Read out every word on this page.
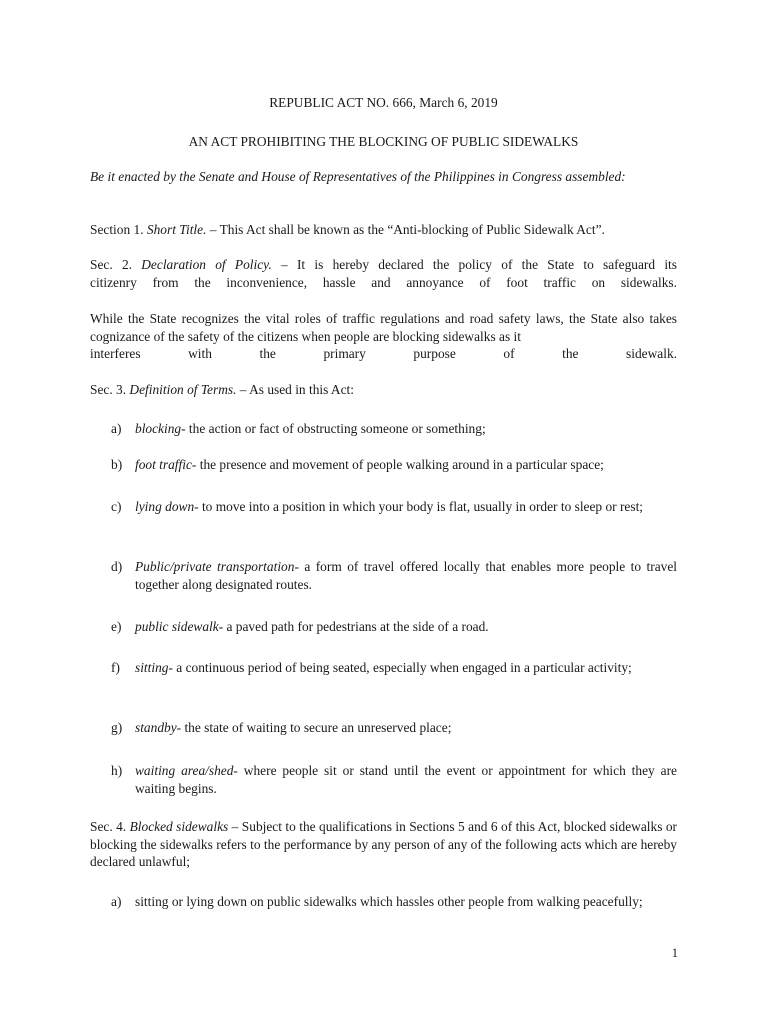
REPUBLIC ACT NO. 666, March 6, 2019
AN ACT PROHIBITING THE BLOCKING OF PUBLIC SIDEWALKS
Be it enacted by the Senate and House of Representatives of the Philippines in Congress assembled:
Section 1. Short Title. – This Act shall be known as the “Anti-blocking of Public Sidewalk Act”.
Sec. 2. Declaration of Policy. – It is hereby declared the policy of the State to safeguard its
citizenry from the inconvenience, hassle and annoyance of foot traffic on sidewalks.
While the State recognizes the vital roles of traffic regulations and road safety laws, the State also takes cognizance of the safety of the citizens when people are blocking sidewalks as it
interferes with the primary purpose of the sidewalk.
Sec. 3. Definition of Terms. – As used in this Act:
a) blocking- the action or fact of obstructing someone or something;
b) foot traffic- the presence and movement of people walking around in a particular space;
c) lying down- to move into a position in which your body is flat, usually in order to sleep or rest;
d) Public/private transportation- a form of travel offered locally that enables more people to travel together along designated routes.
e) public sidewalk- a paved path for pedestrians at the side of a road.
f) sitting- a continuous period of being seated, especially when engaged in a particular activity;
g) standby- the state of waiting to secure an unreserved place;
h) waiting area/shed- where people sit or stand until the event or appointment for which they are waiting begins.
Sec. 4. Blocked sidewalks – Subject to the qualifications in Sections 5 and 6 of this Act, blocked sidewalks or blocking the sidewalks refers to the performance by any person of any of the following acts which are hereby declared unlawful;
a) sitting or lying down on public sidewalks which hassles other people from walking peacefully;
1
